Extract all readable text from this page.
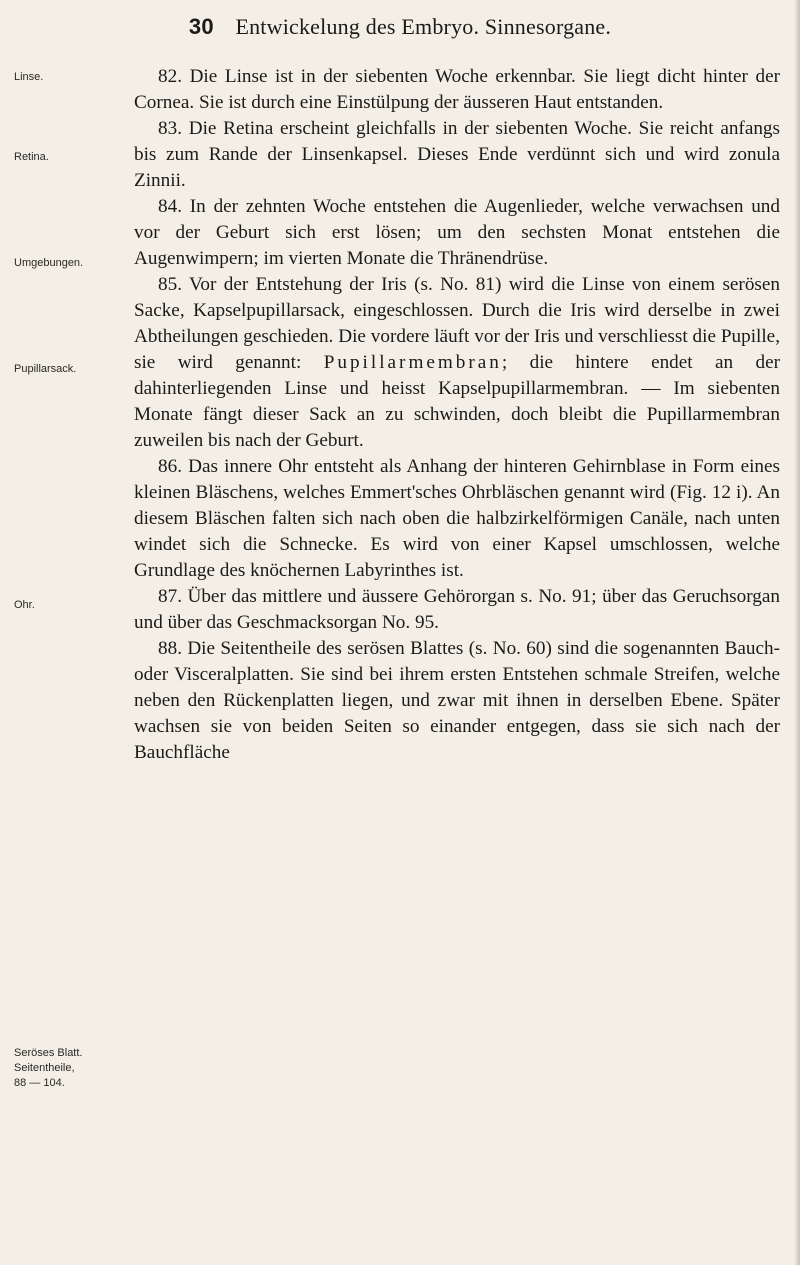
30 Entwickelung des Embryo. Sinnesorgane.
Linse.
Retina.
Umgebungen.
Pupillarsack.
Ohr.
Seröses Blatt.
Seitentheile,
88 — 104.

82. Die Linse ist in der siebenten Woche erkennbar. Sie liegt dicht hinter der Cornea. Sie ist durch eine Einstülpung der äusseren Haut entstanden.

83. Die Retina erscheint gleichfalls in der siebenten Woche. Sie reicht anfangs bis zum Rande der Linsenkapsel. Dieses Ende verdünnt sich und wird zonula Zinnii.

84. In der zehnten Woche entstehen die Augenlieder, welche verwachsen und vor der Geburt sich erst lösen; um den sechsten Monat entstehen die Augenwimpern; im vierten Monate die Thränendrüse.

85. Vor der Entstehung der Iris (s. No. 81) wird die Linse von einem serösen Sacke, Kapselpupillarsack, eingeschlossen. Durch die Iris wird derselbe in zwei Abtheilungen geschieden. Die vordere läuft vor der Iris und verschliesst die Pupille, sie wird genannt: Pupillarmembran; die hintere endet an der dahinterliegenden Linse und heisst Kapselpupillarmembran. — Im siebenten Monate fängt dieser Sack an zu schwinden, doch bleibt die Pupillarmembran zuweilen bis nach der Geburt.

86. Das innere Ohr entsteht als Anhang der hinteren Gehirnblase in Form eines kleinen Bläschens, welches Emmert'sches Ohrbläschen genannt wird (Fig. 12 i). An diesem Bläschen falten sich nach oben die halbzirkelförmigen Canäle, nach unten windet sich die Schnecke. Es wird von einer Kapsel umschlossen, welche Grundlage des knöchernen Labyrinthes ist.

87. Über das mittlere und äussere Gehörorgan s. No. 91; über das Geruchsorgan und über das Geschmacksorgan No. 95.

88. Die Seitentheile des serösen Blattes (s. No. 60) sind die sogenannten Bauch- oder Visceralplatten. Sie sind bei ihrem ersten Entstehen schmale Streifen, welche neben den Rückenplatten liegen, und zwar mit ihnen in derselben Ebene. Später wachsen sie von beiden Seiten so einander entgegen, dass sie sich nach der Bauchfläche
